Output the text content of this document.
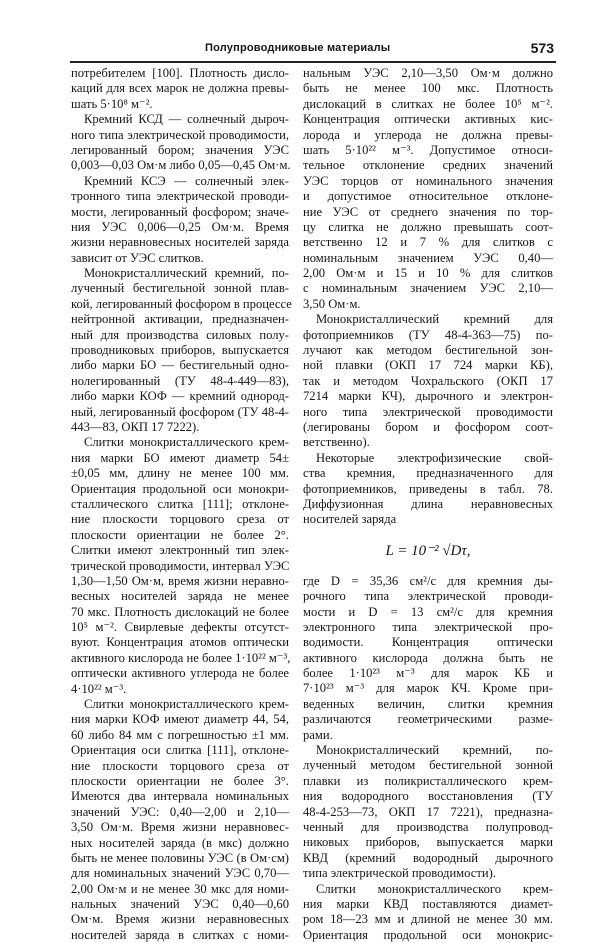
Полупроводниковые материалы	573
потребителем [100]. Плотность дисло-
каций для всех марок не должна превы-
шать 5·10⁸ м⁻².
Кремний КСД — солнечный дыроч-
ного типа электрической проводимости,
легированный бором; значения УЭС
0,003—0,03 Ом·м либо 0,05—0,45 Ом·м.
Кремний КСЭ — солнечный элек-
тронного типа электрической проводи-
мости, легированный фосфором; значе-
ния УЭС 0,006—0,25 Ом·м. Время
жизни неравновесных носителей заряда
зависит от УЭС слитков.
Монокристаллический кремний, по-
лученный бестигельной зонной плав-
кой, легированный фосфором в процессе
нейтронной активации, предназначен-
ный для производства силовых полу-
проводниковых приборов, выпускается
либо марки БО — бестигельный одно-
нолегированный (ТУ 48-4-449—83),
либо марки КОФ — кремний однород-
ный, легированный фосфором (ТУ 48-4-
443—83, ОКП 17 7222).
Слитки монокристаллического крем-
ния марки БО имеют диаметр 54±
±0,05 мм, длину не менее 100 мм.
Ориентация продольной оси монокри-
сталлического слитка [111]; отклоне-
ние плоскости торцового среза от
плоскости ориентации не более 2°.
Слитки имеют электронный тип элек-
трической проводимости, интервал УЭС
1,30—1,50 Ом·м, время жизни неравно-
весных носителей заряда не менее
70 мкс. Плотность дислокаций не более
10⁵ м⁻². Свирлевые дефекты отсутст-
вуют. Концентрация атомов оптически
активного кислорода не более 1·10²² м⁻³,
оптически активного углерода не более
4·10²² м⁻³.
Слитки монокристаллического крем-
ния марки КОФ имеют диаметр 44, 54,
60 либо 84 мм с погрешностью ±1 мм.
Ориентация оси слитка [111], отклоне-
ние плоскости торцового среза от
плоскости ориентации не более 3°.
Имеются два интервала номинальных
значений УЭС: 0,40—2,00 и 2,10—
3,50 Ом·м. Время жизни неравновес-
ных носителей заряда (в мкс) должно
быть не менее половины УЭС (в Ом·см)
для номинальных значений УЭС 0,70—
2,00 Ом·м и не менее 30 мкс для номи-
нальных значений УЭС 0,40—0,60
Ом·м. Время жизни неравновесных
носителей заряда в слитках с номи-
нальным УЭС 2,10—3,50 Ом·м должно
быть не менее 100 мкс. Плотность
дислокаций в слитках не более 10⁵ м⁻².
Концентрация оптически активных кис-
лорода и углерода не должна превы-
шать 5·10²² м⁻³. Допустимое относи-
тельное отклонение средних значений
УЭС торцов от номинального значения
и допустимое относительное отклоне-
ние УЭС от среднего значения по тор-
цу слитка не должно превышать соот-
ветственно 12 и 7 % для слитков с
номинальным значением УЭС 0,40—
2,00 Ом·м и 15 и 10 % для слитков
с номинальным значением УЭС 2,10—
3,50 Ом·м.
Монокристаллический кремний для
фотоприемников (ТУ 48-4-363—75) по-
лучают как методом бестигельной зон-
ной плавки (ОКП 17 724 марки КБ),
так и методом Чохральского (ОКП 17
7214 марки КЧ), дырочного и электрон-
ного типа электрической проводимости
(легированы бором и фосфором соот-
ветственно).
Некоторые электрофизические свой-
ства кремния, предназначенного для
фотоприемников, приведены в табл. 78.
Диффузионная длина неравновесных
носителей заряда
L = 10⁻² √Dτ,
где D = 35,36 см²/с для кремния ды-
рочного типа электрической проводи-
мости и D = 13 см²/с для кремния
электронного типа электрической про-
водимости. Концентрация оптически
активного кислорода должна быть не
более 1·10²³ м⁻³ для марок КБ и
7·10²³ м⁻³ для марок КЧ. Кроме при-
веденных величин, слитки кремния
различаются геометрическими разме-
рами.
Монокристаллический кремний, по-
лученный методом бестигельной зонной
плавки из поликристаллического крем-
ния водородного восстановления (ТУ
48-4-253—73, ОКП 17 7221), предназна-
ченный для производства полупровод-
никовых приборов, выпускается марки
КВД (кремний водородный дырочного
типа электрической проводимости).
Слитки монокристаллического крем-
ния марки КВД поставляются диамет-
ром 18—23 мм и длиной не менее 30 мм.
Ориентация продольной оси монокрис-
